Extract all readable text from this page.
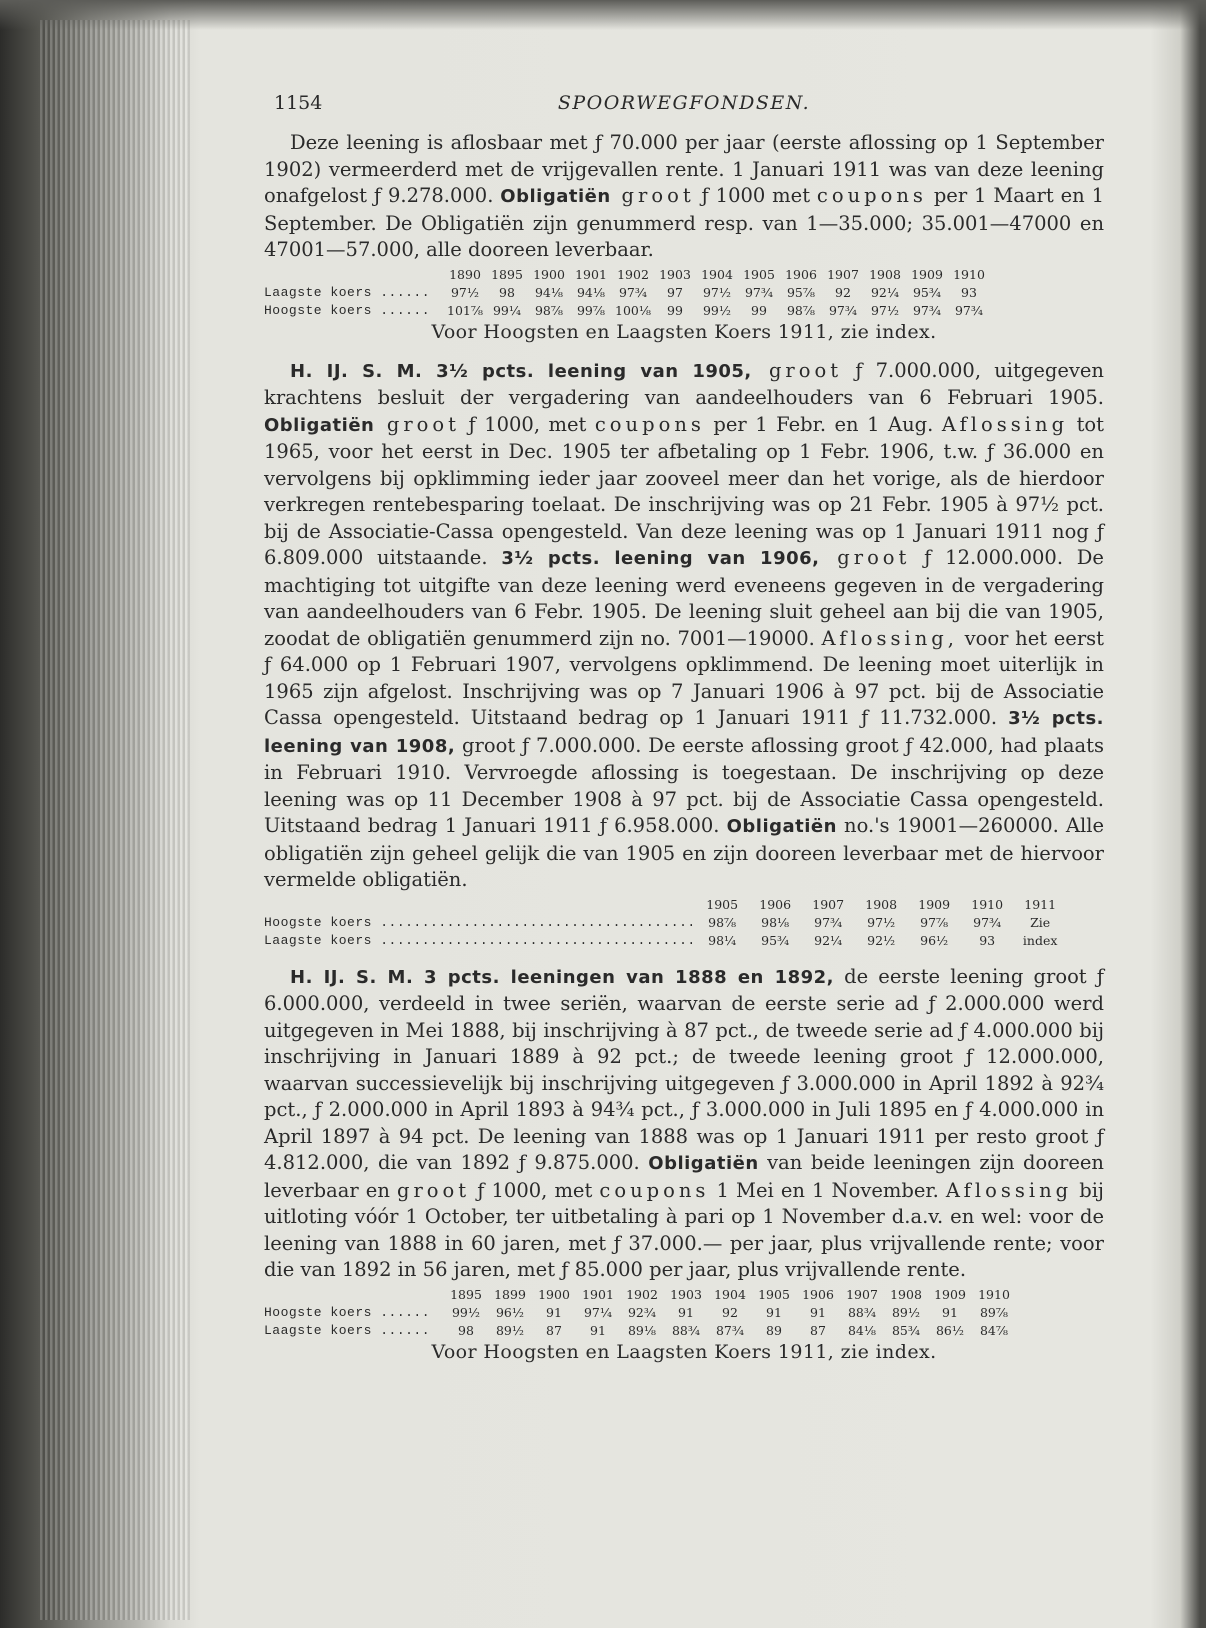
1154	SPOORWEGFONDSEN.

Deze leening is aflosbaar met ƒ 70.000 per jaar (eerste aflossing op 1 September 1902) vermeerderd met de vrijgevallen rente. 1 Januari 1911 was van deze leening onafgelost ƒ 9.278.000. Obligatiën groot ƒ 1000 met coupons per 1 Maart en 1 September. De Obligatiën zijn genummerd resp. van 1—35.000; 35.001—47000 en 47001—57.000, alle dooreen leverbaar.

	1890	1895	1900	1901	1902	1903	1904	1905	1906	1907	1908	1909	1910
Laagste koers ......	97½	98	94⅛	94⅛	97¾	97	97½	97¾	95⅞	92	92¼	95¾	93
Hoogste koers ......	101⅞	99¼	98⅞	99⅞	100⅛	99	99½	99	98⅞	97¾	97½	97¾	97¾
Voor Hoogsten en Laagsten Koers 1911, zie index.

H. IJ. S. M. 3½ pcts. leening van 1905, groot ƒ 7.000.000, uitgegeven krachtens besluit der vergadering van aandeelhouders van 6 Februari 1905. Obligatiën groot ƒ 1000, met coupons per 1 Febr. en 1 Aug. Aflossing tot 1965, voor het eerst in Dec. 1905 ter afbetaling op 1 Febr. 1906, t.w. ƒ 36.000 en vervolgens bij opklimming ieder jaar zooveel meer dan het vorige, als de hierdoor verkregen rentebesparing toelaat. De inschrijving was op 21 Febr. 1905 à 97½ pct. bij de Associatie-Cassa opengesteld. Van deze leening was op 1 Januari 1911 nog ƒ 6.809.000 uitstaande. 3½ pcts. leening van 1906, groot ƒ 12.000.000. De machtiging tot uitgifte van deze leening werd eveneens gegeven in de vergadering van aandeelhouders van 6 Febr. 1905. De leening sluit geheel aan bij die van 1905, zoodat de obligatiën genummerd zijn no. 7001—19000. Aflossing, voor het eerst ƒ 64.000 op 1 Februari 1907, vervolgens opklimmend. De leening moet uiterlijk in 1965 zijn afgelost. Inschrijving was op 7 Januari 1906 à 97 pct. bij de Associatie Cassa opengesteld. Uitstaand bedrag op 1 Januari 1911 ƒ 11.732.000. 3½ pcts. leening van 1908, groot ƒ 7.000.000. De eerste aflossing groot ƒ 42.000, had plaats in Februari 1910. Vervroegde aflossing is toegestaan. De inschrijving op deze leening was op 11 December 1908 à 97 pct. bij de Associatie Cassa opengesteld. Uitstaand bedrag 1 Januari 1911 ƒ 6.958.000. Obligatiën no.'s 19001—260000. Alle obligatiën zijn geheel gelijk die van 1905 en zijn dooreen leverbaar met de hiervoor vermelde obligatiën.

	1905	1906	1907	1908	1909	1910	1911
Hoogste koers ......................................	98⅞	98⅛	97¾	97½	97⅞	97¾	Zie
Laagste koers ......................................	98¼	95¾	92¼	92½	96½	93	index

H. IJ. S. M. 3 pcts. leeningen van 1888 en 1892, de eerste leening groot ƒ 6.000.000, verdeeld in twee seriën, waarvan de eerste serie ad ƒ 2.000.000 werd uitgegeven in Mei 1888, bij inschrijving à 87 pct., de tweede serie ad ƒ 4.000.000 bij inschrijving in Januari 1889 à 92 pct.; de tweede leening groot ƒ 12.000.000, waarvan successievelijk bij inschrijving uitgegeven ƒ 3.000.000 in April 1892 à 92¾ pct., ƒ 2.000.000 in April 1893 à 94¾ pct., ƒ 3.000.000 in Juli 1895 en ƒ 4.000.000 in April 1897 à 94 pct. De leening van 1888 was op 1 Januari 1911 per resto groot ƒ 4.812.000, die van 1892 ƒ 9.875.000. Obligatiën van beide leeningen zijn dooreen leverbaar en groot ƒ 1000, met coupons 1 Mei en 1 November. Aflossing bij uitloting vóór 1 October, ter uitbetaling à pari op 1 November d.a.v. en wel: voor de leening van 1888 in 60 jaren, met ƒ 37.000.— per jaar, plus vrijvallende rente; voor die van 1892 in 56 jaren, met ƒ 85.000 per jaar, plus vrijvallende rente.

	1895	1899	1900	1901	1902	1903	1904	1905	1906	1907	1908	1909	1910
Hoogste koers ......	99½	96½	91	97¼	92¾	91	92	91	91	88¾	89½	91	89⅞
Laagste koers ......	98	89½	87	91	89⅛	88¾	87¾	89	87	84⅛	85¾	86½	84⅞
Voor Hoogsten en Laagsten Koers 1911, zie index.
